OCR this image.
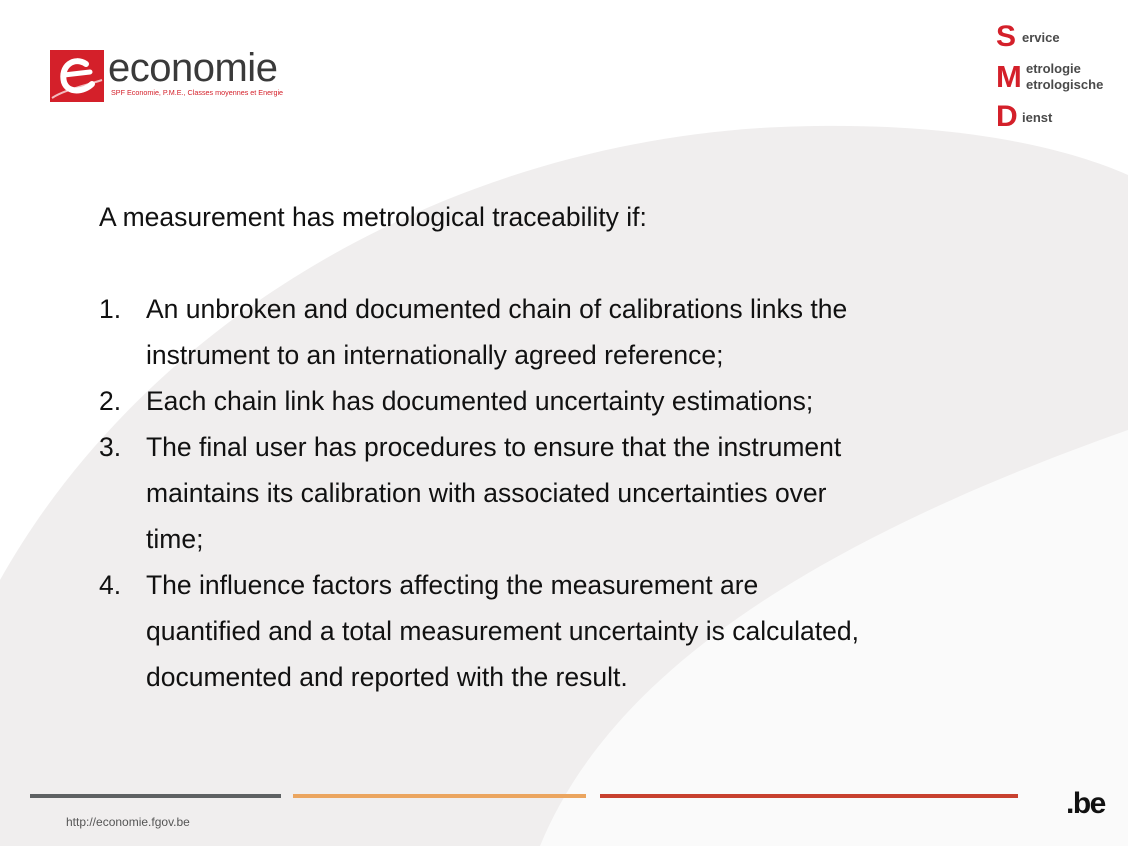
economie
SPF Economie, P.M.E., Classes moyennes et Energie
S ervice
M etrologie
etrologische
D ienst

A measurement has metrological traceability if:

1. An unbroken and documented chain of calibrations links the
instrument to an internationally agreed reference;
2. Each chain link has documented uncertainty estimations;
3. The final user has procedures to ensure that the instrument
maintains its calibration with associated uncertainties over
time;
4. The influence factors affecting the measurement are
quantified and a total measurement uncertainty is calculated,
documented and reported with the result.
http://economie.fgov.be
.be
